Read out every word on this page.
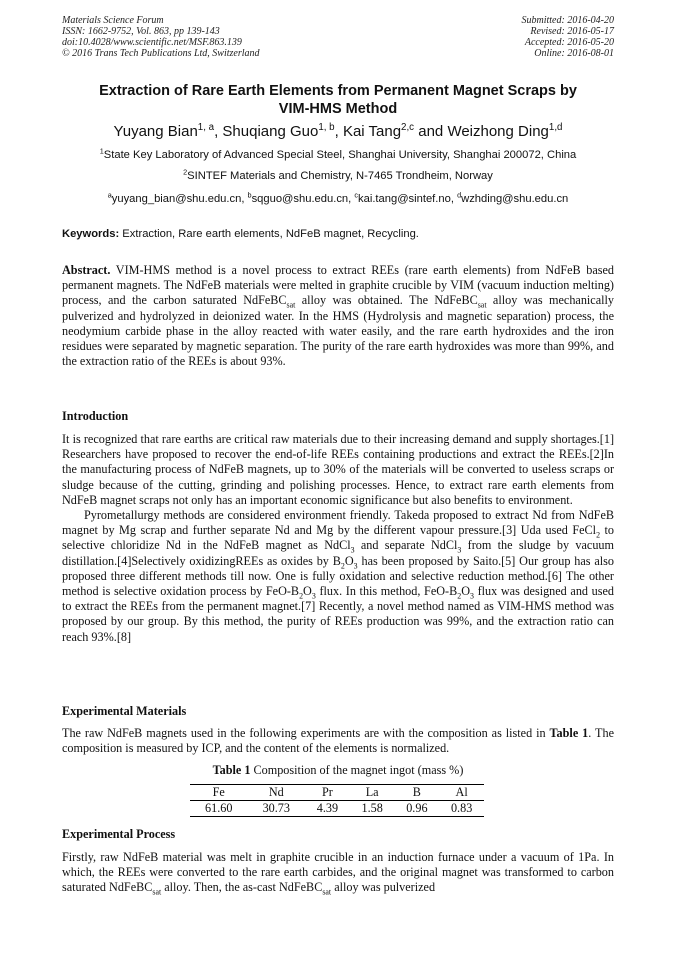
Materials Science Forum
ISSN: 1662-9752, Vol. 863, pp 139-143
doi:10.4028/www.scientific.net/MSF.863.139
© 2016 Trans Tech Publications Ltd, Switzerland
Submitted: 2016-04-20
Revised: 2016-05-17
Accepted: 2016-05-20
Online: 2016-08-01
Extraction of Rare Earth Elements from Permanent Magnet Scraps by
VIM-HMS Method
Yuyang Bian$^{1, a}$, Shuqiang Guo$^{1, b}$, Kai Tang$^{2,c}$ and Weizhong Ding$^{1,d}$
$^1$State Key Laboratory of Advanced Special Steel, Shanghai University, Shanghai 200072, China
$^2$SINTEF Materials and Chemistry, N-7465 Trondheim, Norway
$^a$yuyang_bian@shu.edu.cn, $^b$sqguo@shu.edu.cn, $^c$kai.tang@sintef.no, $^d$wzhding@shu.edu.cn
Keywords: Extraction, Rare earth elements, NdFeB magnet, Recycling.
Abstract. VIM-HMS method is a novel process to extract REEs (rare earth elements) from NdFeB based permanent magnets. The NdFeB materials were melted in graphite crucible by VIM (vacuum induction melting) process, and the carbon saturated NdFeBC$_{sat}$ alloy was obtained. The NdFeBC$_{sat}$ alloy was mechanically pulverized and hydrolyzed in deionized water. In the HMS (Hydrolysis and magnetic separation) process, the neodymium carbide phase in the alloy reacted with water easily, and the rare earth hydroxides and the iron residues were separated by magnetic separation. The purity of the rare earth hydroxides was more than 99%, and the extraction ratio of the REEs is about 93%.
Introduction
It is recognized that rare earths are critical raw materials due to their increasing demand and supply shortages.[1] Researchers have proposed to recover the end-of-life REEs containing productions and extract the REEs.[2]In the manufacturing process of NdFeB magnets, up to 30% of the materials will be converted to useless scraps or sludge because of the cutting, grinding and polishing processes. Hence, to extract rare earth elements from NdFeB magnet scraps not only has an important economic significance but also benefits to environment.
Pyrometallurgy methods are considered environment friendly. Takeda proposed to extract Nd from NdFeB magnet by Mg scrap and further separate Nd and Mg by the different vapour pressure.[3] Uda used FeCl$_2$ to selective chloridize Nd in the NdFeB magnet as NdCl$_3$ and separate NdCl$_3$ from the sludge by vacuum distillation.[4]Selectively oxidizingREEs as oxides by $B_2O_3$ has been proposed by Saito.[5] Our group has also proposed three different methods till now. One is fully oxidation and selective reduction method.[6] The other method is selective oxidation process by FeO-$B_2O_3$ flux. In this method, FeO-$B_2O_3$ flux was designed and used to extract the REEs from the permanent magnet.[7] Recently, a novel method named as VIM-HMS method was proposed by our group. By this method, the purity of REEs production was 99%, and the extraction ratio can reach 93%.[8]
Experimental Materials
The raw NdFeB magnets used in the following experiments are with the composition as listed in Table 1. The composition is measured by ICP, and the content of the elements is normalized.
Table 1 Composition of the magnet ingot (mass %)
Fe	Nd	Pr	La	B	Al
61.60	30.73	4.39	1.58	0.96	0.83
Experimental Process
Firstly, raw NdFeB material was melt in graphite crucible in an induction furnace under a vacuum of 1Pa. In which, the REEs were converted to the rare earth carbides, and the original magnet was transformed to carbon saturated NdFeBC$_{sat}$ alloy. Then, the as-cast NdFeBC$_{sat}$ alloy was pulverized
